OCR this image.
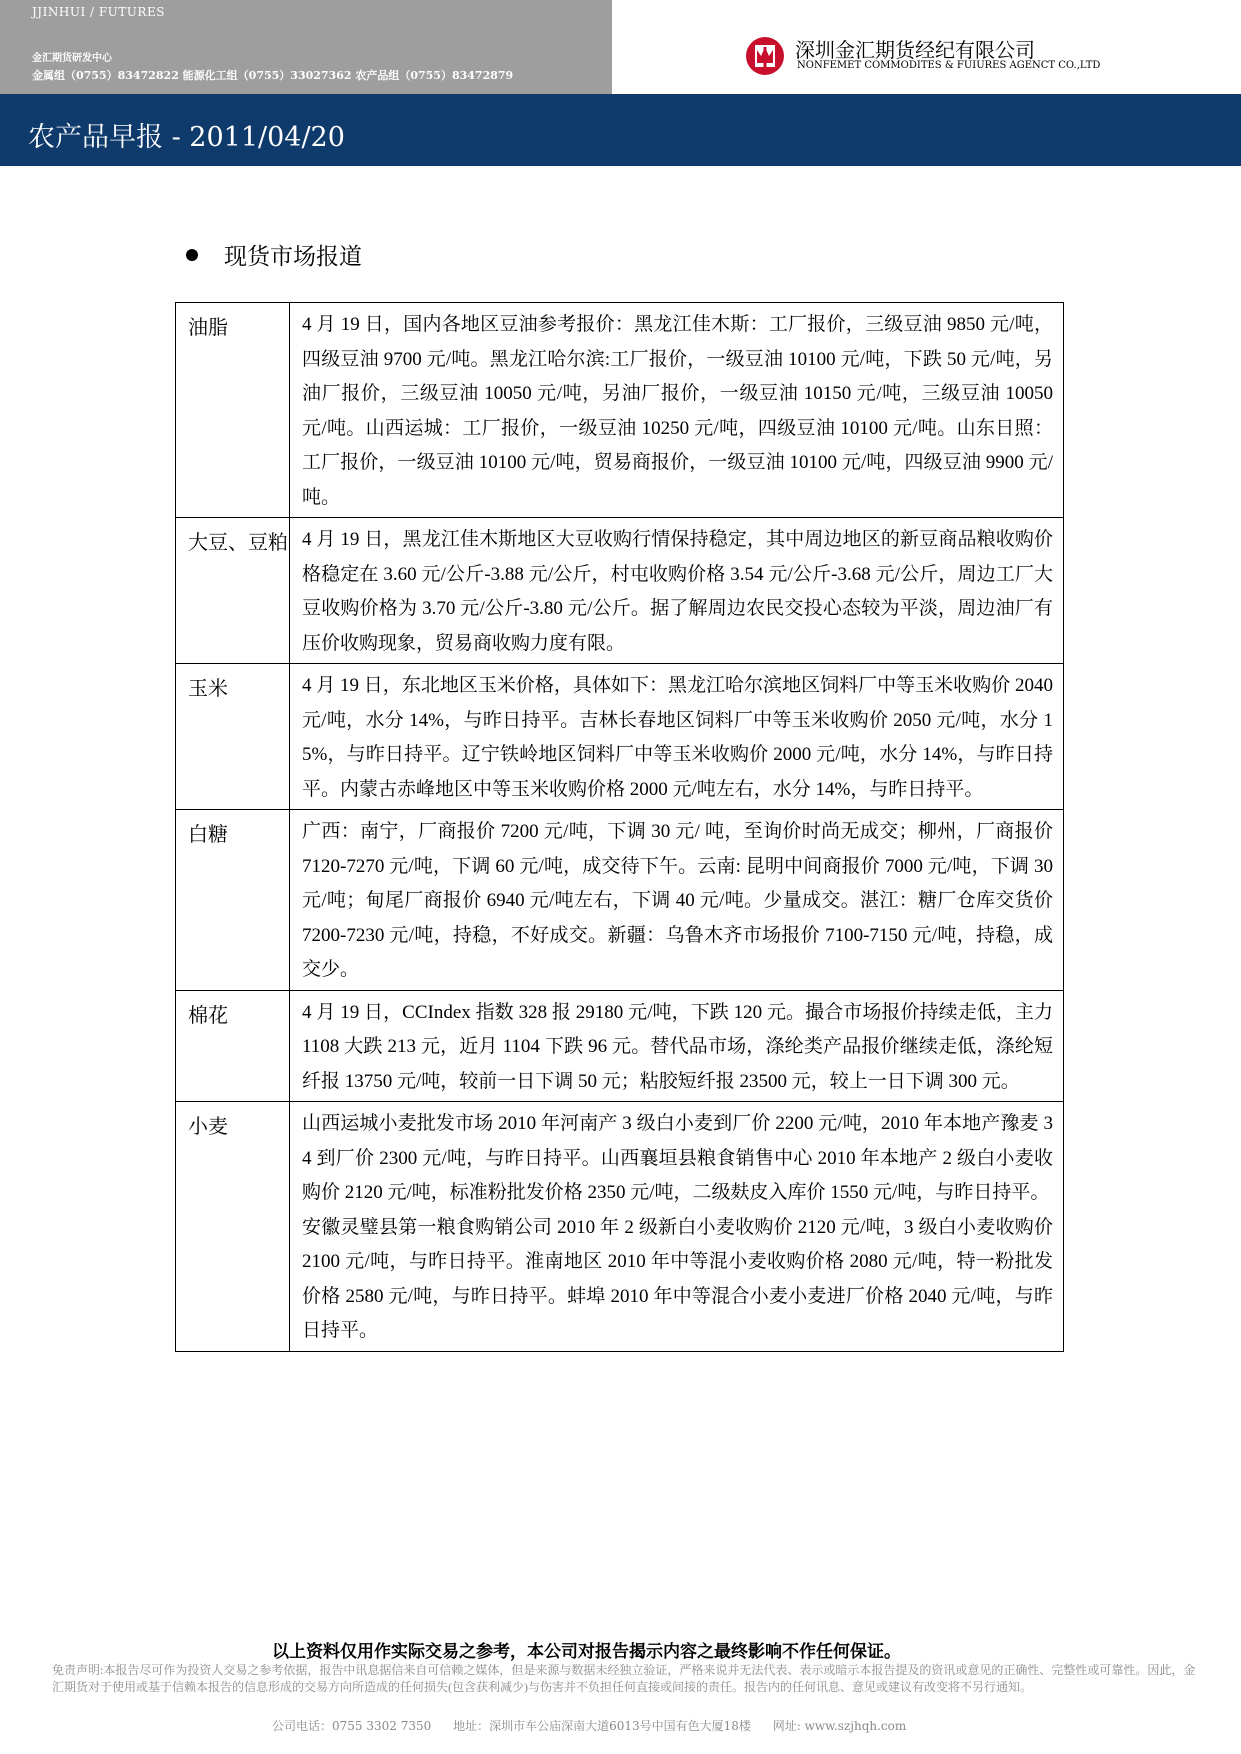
JJINHUI / FUTURES
金汇期货研发中心
金属组（0755）83472822 能源化工组（0755）33027362 农产品组（0755）83472879
深圳金汇期货经纪有限公司
NONFEMET COMMODITES & FUIURES AGENCT CO.,LTD
农产品早报 - 2011/04/20
现货市场报道
油脂	4 月 19 日，国内各地区豆油参考报价：黑龙江佳木斯：工厂报价，三级豆油 9850 元/吨，四级豆油 9700 元/吨。黑龙江哈尔滨:工厂报价，一级豆油 10100 元/吨，下跌 50 元/吨，另油厂报价，三级豆油 10050 元/吨，另油厂报价，一级豆油 10150 元/吨，三级豆油 10050 元/吨。山西运城：工厂报价，一级豆油 10250 元/吨，四级豆油 10100 元/吨。山东日照：工厂报价，一级豆油 10100 元/吨，贸易商报价，一级豆油 10100 元/吨，四级豆油 9900 元/吨。

大豆、豆粕	4 月 19 日，黑龙江佳木斯地区大豆收购行情保持稳定，其中周边地区的新豆商品粮收购价格稳定在 3.60 元/公斤-3.88 元/公斤，村屯收购价格 3.54 元/公斤-3.68 元/公斤，周边工厂大豆收购价格为 3.70 元/公斤-3.80 元/公斤。据了解周边农民交投心态较为平淡，周边油厂有压价收购现象，贸易商收购力度有限。

玉米	4 月 19 日，东北地区玉米价格，具体如下：黑龙江哈尔滨地区饲料厂中等玉米收购价 2040 元/吨，水分 14%，与昨日持平。吉林长春地区饲料厂中等玉米收购价 2050 元/吨，水分 15%，与昨日持平。辽宁铁岭地区饲料厂中等玉米收购价 2000 元/吨，水分 14%，与昨日持平。内蒙古赤峰地区中等玉米收购价格 2000 元/吨左右，水分 14%，与昨日持平。

白糖	广西：南宁，厂商报价 7200 元/吨，下调 30 元/ 吨，至询价时尚无成交；柳州，厂商报价 7120-7270 元/吨，下调 60 元/吨，成交待下午。云南: 昆明中间商报价 7000 元/吨，下调 30 元/吨；甸尾厂商报价 6940 元/吨左右，下调 40 元/吨。少量成交。湛江：糖厂仓库交货价 7200-7230 元/吨，持稳，不好成交。新疆：乌鲁木齐市场报价 7100-7150 元/吨，持稳，成交少。

棉花	4 月 19 日，CCIndex 指数 328 报 29180 元/吨，下跌 120 元。撮合市场报价持续走低，主力 1108 大跌 213 元，近月 1104 下跌 96 元。替代品市场，涤纶类产品报价继续走低，涤纶短纤报 13750 元/吨，较前一日下调 50 元；粘胶短纤报 23500 元，较上一日下调 300 元。

小麦	山西运城小麦批发市场 2010 年河南产 3 级白小麦到厂价 2200 元/吨，2010 年本地产豫麦 34 到厂价 2300 元/吨，与昨日持平。山西襄垣县粮食销售中心 2010 年本地产 2 级白小麦收购价 2120 元/吨，标准粉批发价格 2350 元/吨，二级麸皮入库价 1550 元/吨，与昨日持平。

安徽灵璧县第一粮食购销公司 2010 年 2 级新白小麦收购价 2120 元/吨，3 级白小麦收购价 2100 元/吨，与昨日持平。淮南地区 2010 年中等混小麦收购价格 2080 元/吨，特一粉批发价格 2580 元/吨，与昨日持平。蚌埠 2010 年中等混合小麦小麦进厂价格 2040 元/吨，与昨日持平。

以上资料仅用作实际交易之参考，本公司对报告揭示内容之最终影响不作任何保证。
免责声明:本报告尽可作为投资人交易之参考依据，报告中讯息据信来自可信赖之媒体，但是来源与数据未经独立验证，严格来说并无法代表、表示或暗示本报告提及的资讯或意见的正确性、完整性或可靠性。因此，金汇期货对于使用或基于信赖本报告的信息形成的交易方向所造成的任何损失(包含获利减少)与伤害并不负担任何直接或间接的责任。报告内的任何讯息、意见或建议有改变将不另行通知。
公司电话：0755 3302 7350 地址：深圳市车公庙深南大道6013号中国有色大厦18楼 网址: www.szjhqh.com
